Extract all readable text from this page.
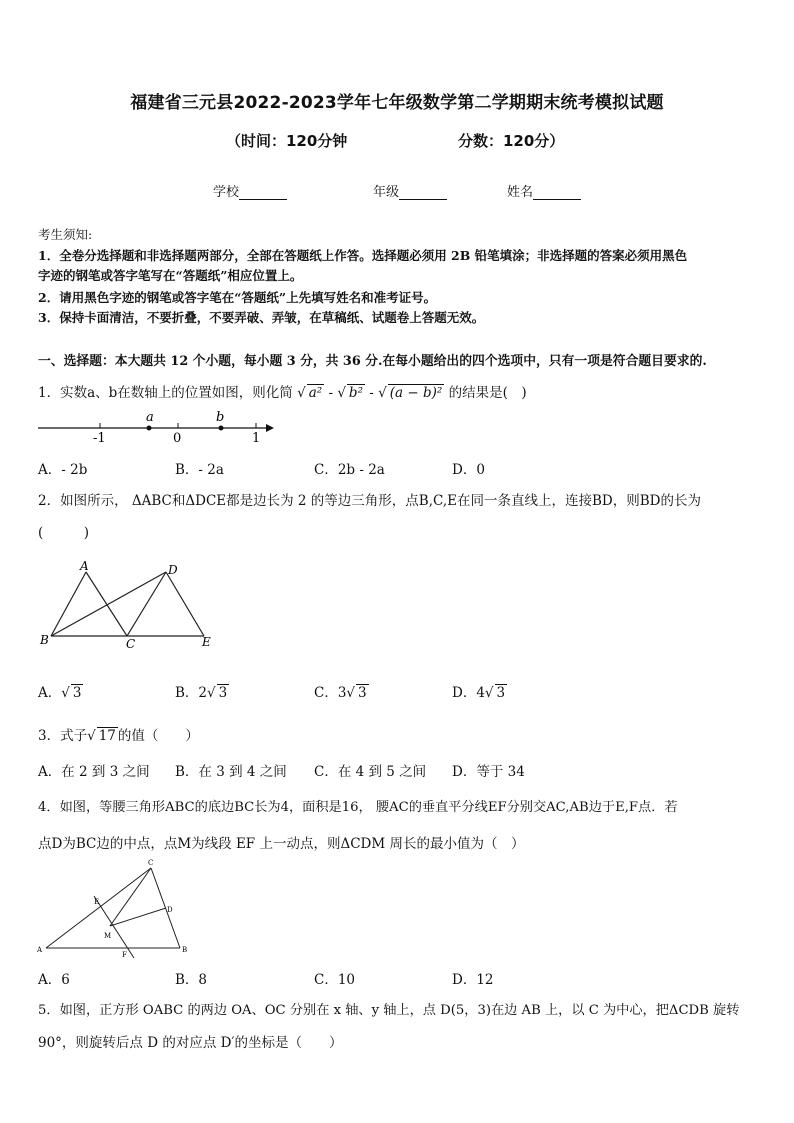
福建省三元县2022-2023学年七年级数学第二学期期末统考模拟试题
（时间：120分钟	分数：120分）
学校	年级	姓名
考生须知:
1．全卷分选择题和非选择题两部分，全部在答题纸上作答。选择题必须用 2B 铅笔填涂；非选择题的答案必须用黑色
字迹的钢笔或答字笔写在“答题纸”相应位置上。
2．请用黑色字迹的钢笔或答字笔在“答题纸”上先填写姓名和准考证号。
3．保持卡面清洁，不要折叠，不要弄破、弄皱，在草稿纸、试题卷上答题无效。
一、选择题：本大题共 12 个小题，每小题 3 分，共 36 分.在每小题给出的四个选项中，只有一项是符合题目要求的.
1．实数a、b在数轴上的位置如图，则化简 √ a² - √ b² - √ (a − b)² 的结果是(　)
a	b
-1	0	1
A．- 2b	B．- 2a	C．2b - 2a	D．0
2．如图所示， ΔABC和ΔDCE都是边长为 2 的等边三角形，点B,C,E在同一条直线上，连接BD，则BD的长为
(　　　)
A
B	C
D
E
A．√ 3	B．2√ 3	C．3√ 3	D．4√ 3
3．式子√ 17 的值（　　）
A．在 2 到 3 之间 B．在 3 到 4 之间 C．在 4 到 5 之间 D．等于 34
4．如图，等腰三角形ABC的底边BC长为4，面积是16， 腰AC的垂直平分线EF分别交AC,AB边于E,F点．若
点D为BC边的中点，点M为线段 EF 上一动点，则ΔCDM 周长的最小值为（　）
A	B
C
D
E
F
M
A．6	B．8	C．10	D．12
5．如图，正方形 OABC 的两边 OA、OC 分别在 x 轴、y 轴上，点 D(5，3)在边 AB 上，以 C 为中心，把ΔCDB 旋转
90°，则旋转后点 D 的对应点 D′的坐标是（　　）
